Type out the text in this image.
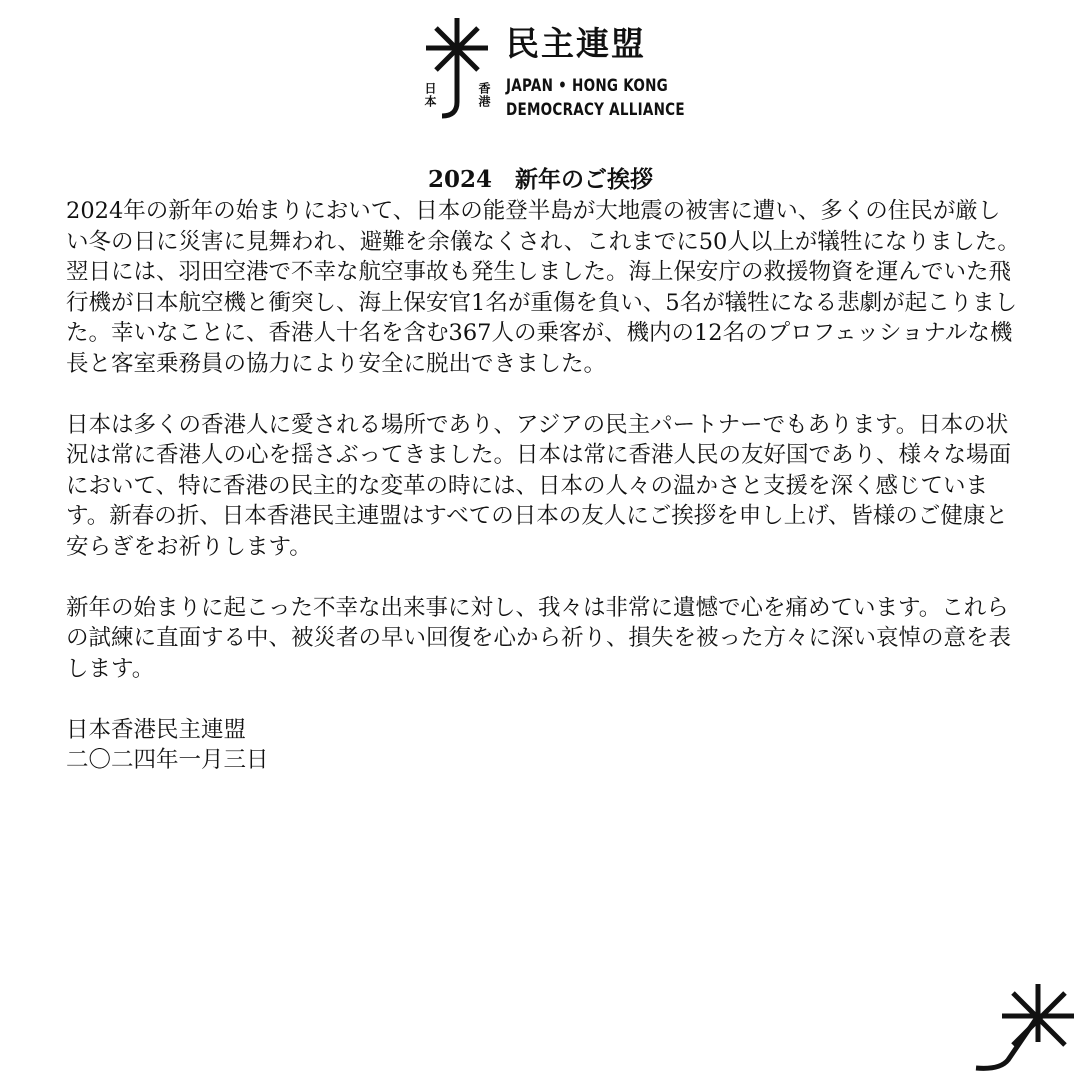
日本	香港
民主連盟
JAPAN • HONG KONG
DEMOCRACY ALLIANCE
2024　新年のご挨拶

2024年の新年の始まりにおいて、日本の能登半島が大地震の被害に遭い、多くの住民が厳しい冬の日に災害に見舞われ、避難を余儀なくされ、これまでに50人以上が犠牲になりました。翌日には、羽田空港で不幸な航空事故も発生しました。海上保安庁の救援物資を運んでいた飛行機が日本航空機と衝突し、海上保安官1名が重傷を負い、5名が犠牲になる悲劇が起こりました。幸いなことに、香港人十名を含む367人の乗客が、機内の12名のプロフェッショナルな機長と客室乗務員の協力により安全に脱出できました。

日本は多くの香港人に愛される場所であり、アジアの民主パートナーでもあります。日本の状況は常に香港人の心を揺さぶってきました。日本は常に香港人民の友好国であり、様々な場面において、特に香港の民主的な変革の時には、日本の人々の温かさと支援を深く感じています。新春の折、日本香港民主連盟はすべての日本の友人にご挨拶を申し上げ、皆様のご健康と安らぎをお祈りします。

新年の始まりに起こった不幸な出来事に対し、我々は非常に遺憾で心を痛めています。これらの試練に直面する中、被災者の早い回復を心から祈り、損失を被った方々に深い哀悼の意を表します。

日本香港民主連盟

二〇二四年一月三日
